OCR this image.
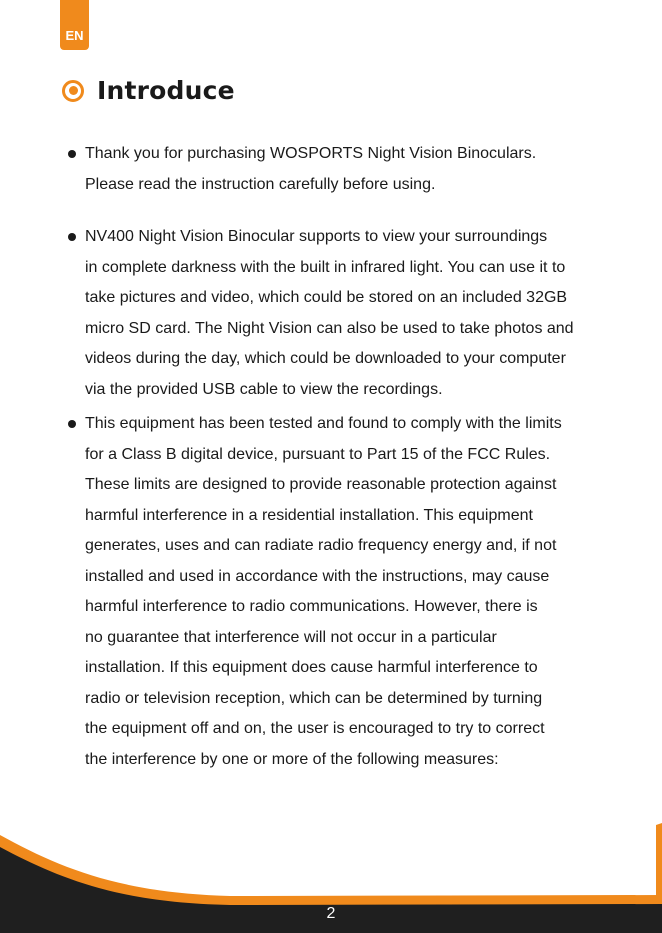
EN
Introduce
Thank you for purchasing WOSPORTS Night Vision Binoculars.
Please read the instruction carefully before using.
NV400 Night Vision Binocular supports to view your surroundings
in complete darkness with the built in infrared light. You can use it to
take pictures and video, which could be stored on an included 32GB
micro SD card. The Night Vision can also be used to take photos and
videos during the day, which could be downloaded to your computer
via the provided USB cable to view the recordings.
This equipment has been tested and found to comply with the limits
for a Class B digital device, pursuant to Part 15 of the FCC Rules.
These limits are designed to provide reasonable protection against
harmful interference in a residential installation. This equipment
generates, uses and can radiate radio frequency energy and, if not
installed and used in accordance with the instructions, may cause
harmful interference to radio communications. However, there is
no guarantee that interference will not occur in a particular
installation. If this equipment does cause harmful interference to
radio or television reception, which can be determined by turning
the equipment off and on, the user is encouraged to try to correct
the interference by one or more of the following measures:
2
